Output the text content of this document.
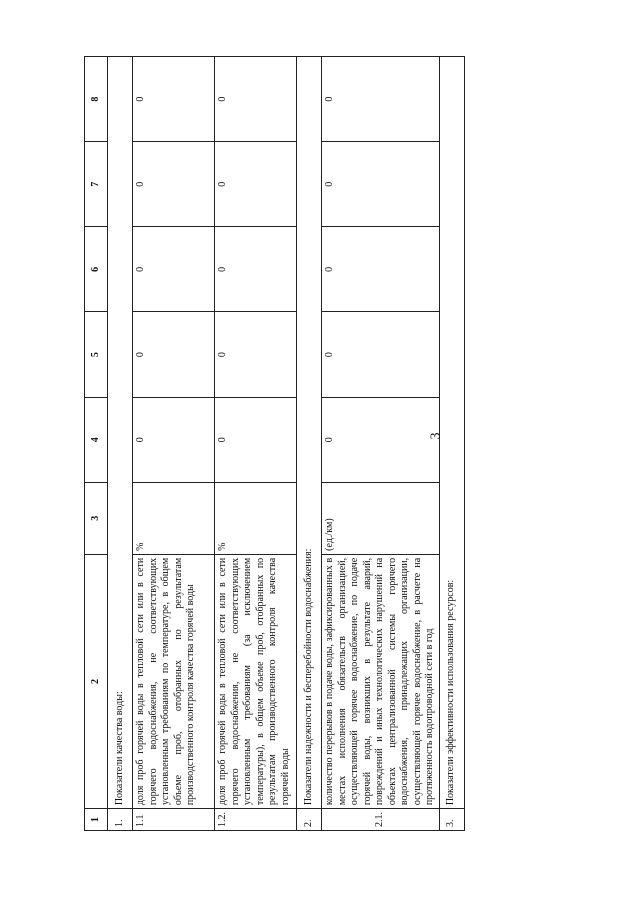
3
1	2	3	4	5	6	7	8
1.	Показатели качества воды:						
1.1	доля проб горячей воды в тепловой сети или в сети горячего водоснабжения, не соответствующих установленным требованиям по температуре, в общем объеме проб, отобранных по результатам производственного контроля качества горячей воды	%	0	0	0	0	0
1.2.	доля проб горячей воды в тепловой сети или в сети горячего водоснабжения, не соответствующих установленным требованиям (за исключением температуры), в общем объеме проб, отобранных по результатам производственного контроля качества горячей воды	%	0	0	0	0	0
2.	Показатели надежности и бесперебойности водоснабжения:						
2.1.	количество перерывов в подаче воды, зафиксированных в местах исполнения обязательств организацией, осуществляющей горячее водоснабжение, по подаче горячей воды, возникших в результате аварий, повреждений и иных технологических нарушений на объектах централизованной системы горячего водоснабжения, принадлежащих организации, осуществляющей горячее водоснабжение, в расчете на протяженность водопроводной сети в год	(ед./км)	0	0	0	0	0
3.	Показатели эффективности использования ресурсов:						
